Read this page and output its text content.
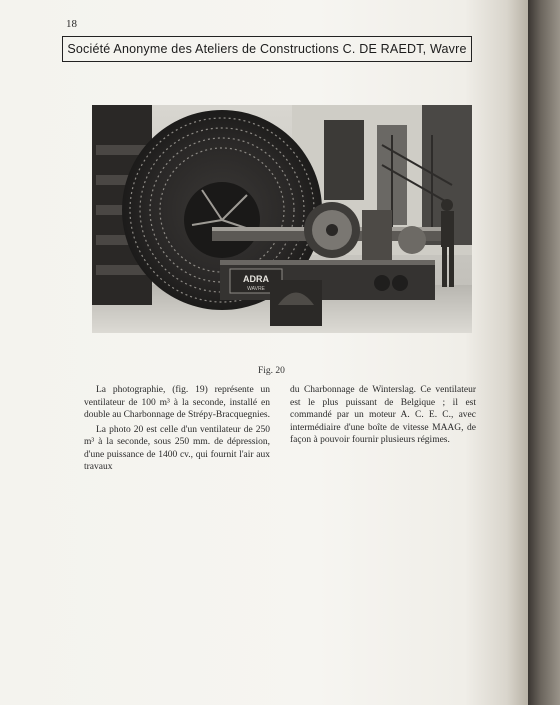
18
Société Anonyme des Ateliers de Constructions C. DE RAEDT, Wavre
ADRA
WAVRE
Fig. 20

La photographie, (fig. 19) représente un ventilateur de 100 m³ à la seconde, installé en double au Charbonnage de Strépy-Bracquegnies.

La photo 20 est celle d'un ventilateur de 250 m³ à la seconde, sous 250 mm. de dépression, d'une puissance de 1400 cv., qui fournit l'air aux travaux

du Charbonnage de Winterslag. Ce ventilateur est le plus puissant de Belgique ; il est commandé par un moteur A. C. E. C., avec intermédiaire d'une boîte de vitesse MAAG, de façon à pouvoir fournir plusieurs régimes.
